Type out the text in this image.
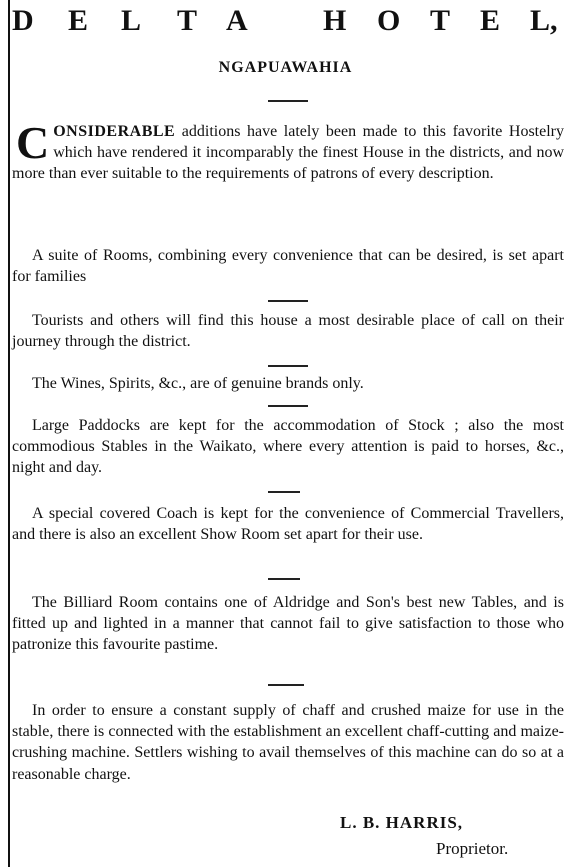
D E L T A	H O T E L,
NGAPUAWAHIA
CONSIDERABLE additions have lately been made to this favorite Hostelry which have rendered it incomparably the finest House in the districts, and now more than ever suitable to the requirements of patrons of every description.
A suite of Rooms, combining every convenience that can be desired, is set apart for families
Tourists and others will find this house a most desirable place of call on their journey through the district.
The Wines, Spirits, &c., are of genuine brands only.
Large Paddocks are kept for the accommodation of Stock ; also the most commodious Stables in the Waikato, where every attention is paid to horses, &c., night and day.
A special covered Coach is kept for the convenience of Commercial Travellers, and there is also an excellent Show Room set apart for their use.
The Billiard Room contains one of Aldridge and Son's best new Tables, and is fitted up and lighted in a manner that cannot fail to give satisfaction to those who patronize this favourite pastime.
In order to ensure a constant supply of chaff and crushed maize for use in the stable, there is connected with the establishment an excellent chaff-cutting and maize-crushing machine. Settlers wishing to avail themselves of this machine can do so at a reasonable charge.
L. B. HARRIS,
Proprietor.
